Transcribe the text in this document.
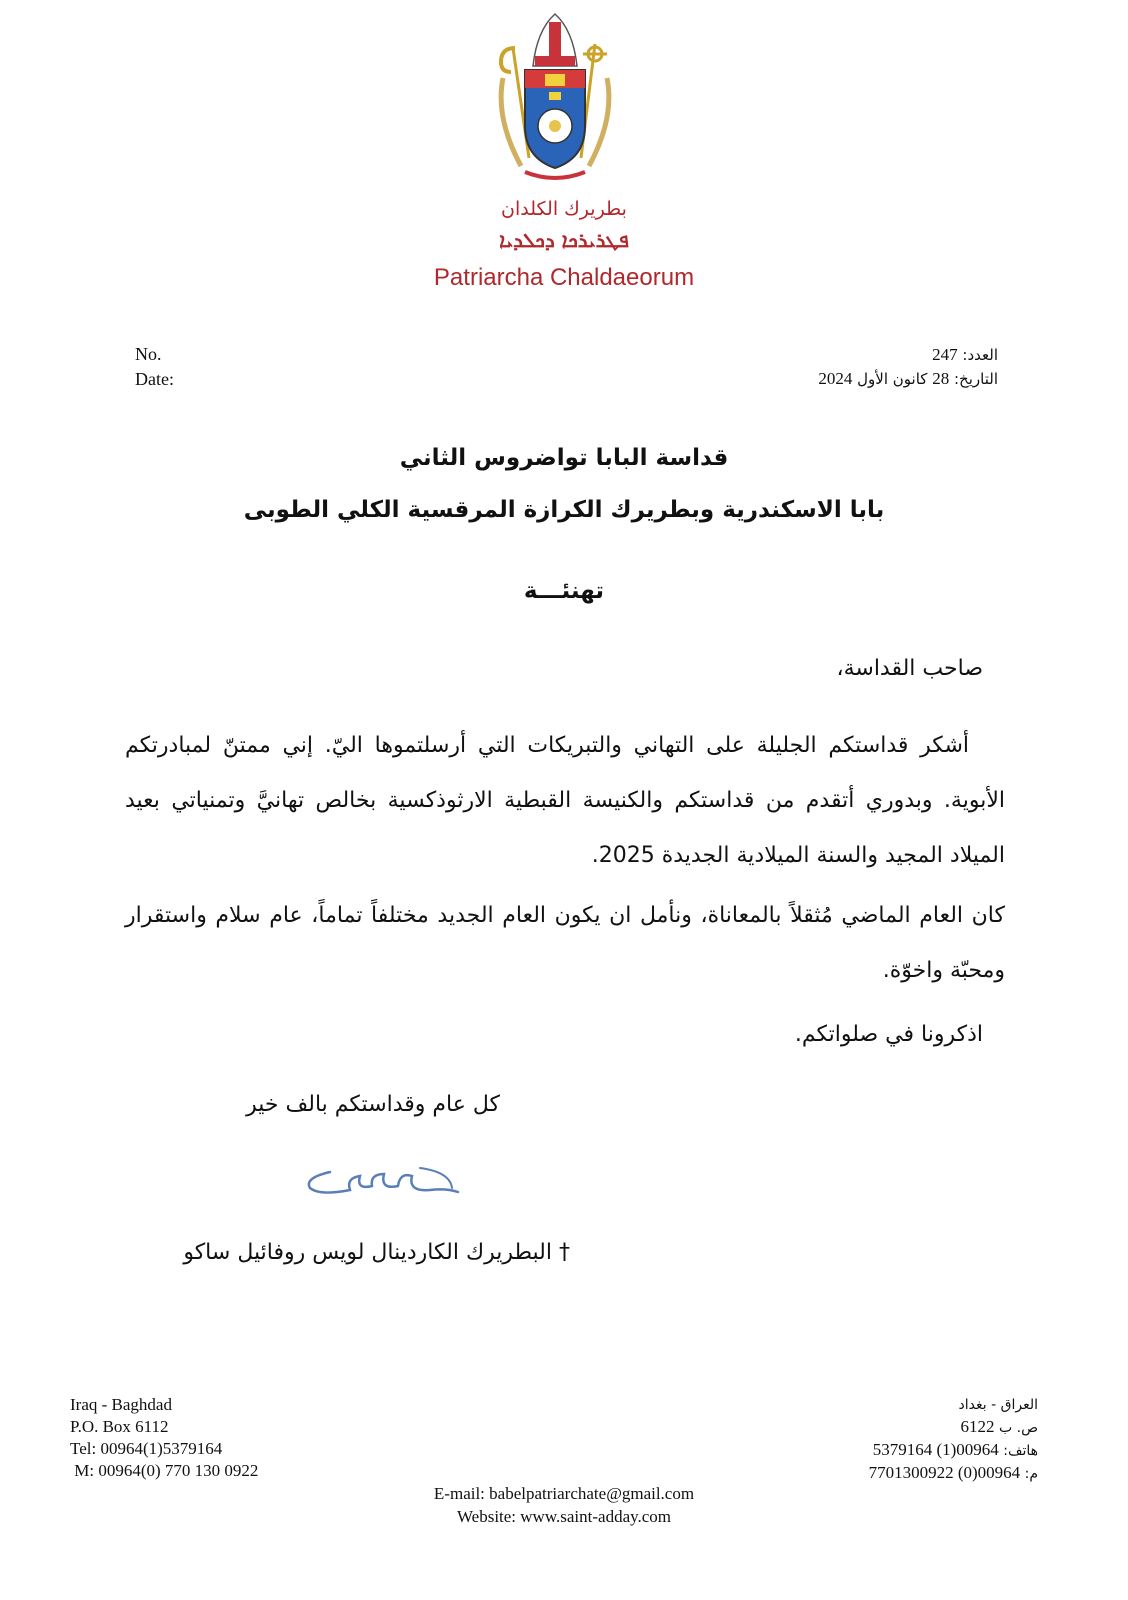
بطريرك الكلدان
ܦܛܪܝܪܟܐ ܕܟܠܕܝܐ
Patriarcha Chaldaeorum
No.
Date:
العدد: 247
التاريخ: 28 كانون الأول 2024
قداسة البابا تواضروس الثاني
بابا الاسكندرية وبطريرك الكرازة المرقسية الكلي الطوبى
تهنئـــة
صاحب القداسة،
أشكر قداستكم الجليلة على التهاني والتبريكات التي أرسلتموها اليّ. إني ممتنّ لمبادرتكم الأبوية. وبدوري أتقدم من قداستكم والكنيسة القبطية الارثوذكسية بخالص تهانيَّ وتمنياتي بعيد الميلاد المجيد والسنة الميلادية الجديدة 2025.
كان العام الماضي مُثقلاً بالمعاناة، ونأمل ان يكون العام الجديد مختلفاً تماماً، عام سلام واستقرار ومحبّة واخوّة.
اذكرونا في صلواتكم.
كل عام وقداستكم بالف خير
† البطريرك الكاردينال لويس روفائيل ساكو
Iraq - Baghdad
P.O. Box 6112
Tel: 00964(1)5379164
M: 00964(0) 770 130 0922
العراق - بغداد
ص. ب 6122
هاتف: 00964(1) 5379164
م: 00964(0) 7701300922
E-mail: babelpatriarchate@gmail.com
Website: www.saint-adday.com
